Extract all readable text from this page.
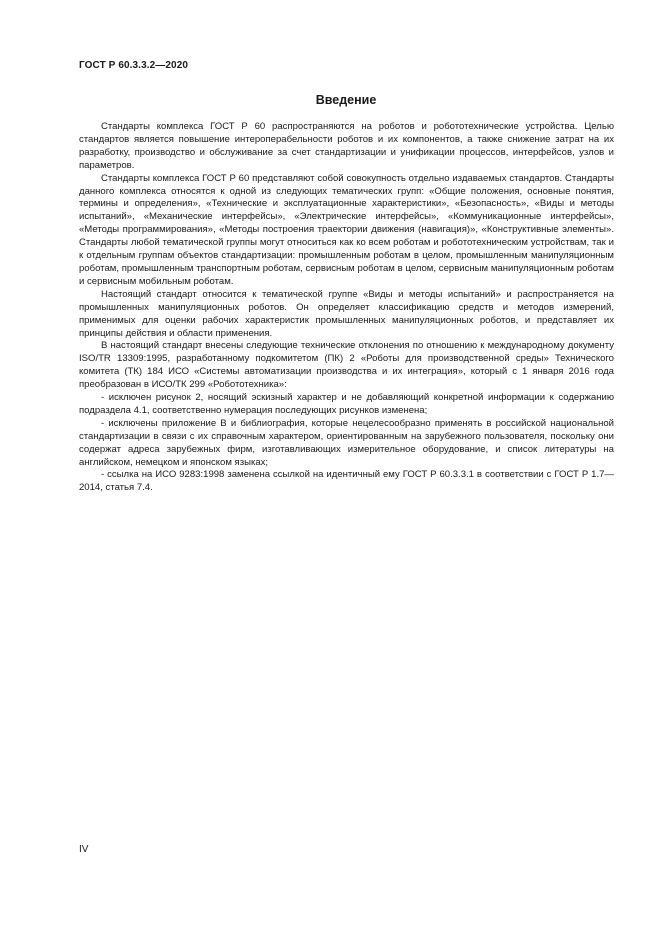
ГОСТ Р 60.3.3.2—2020
Введение

Стандарты комплекса ГОСТ Р 60 распространяются на роботов и робототехнические устройства. Целью стандартов является повышение интероперабельности роботов и их компонентов, а также снижение затрат на их разработку, производство и обслуживание за счет стандартизации и унификации процессов, интерфейсов, узлов и параметров.

Стандарты комплекса ГОСТ Р 60 представляют собой совокупность отдельно издаваемых стандартов. Стандарты данного комплекса относятся к одной из следующих тематических групп: «Общие положения, основные понятия, термины и определения», «Технические и эксплуатационные характеристики», «Безопасность», «Виды и методы испытаний», «Механические интерфейсы», «Электрические интерфейсы», «Коммуникационные интерфейсы», «Методы программирования», «Методы построения траектории движения (навигация)», «Конструктивные элементы». Стандарты любой тематической группы могут относиться как ко всем роботам и робототехническим устройствам, так и к отдельным группам объектов стандартизации: промышленным роботам в целом, промышленным манипуляционным роботам, промышленным транспортным роботам, сервисным роботам в целом, сервисным манипуляционным роботам и сервисным мобильным роботам.

Настоящий стандарт относится к тематической группе «Виды и методы испытаний» и распространяется на промышленных манипуляционных роботов. Он определяет классификацию средств и методов измерений, применимых для оценки рабочих характеристик промышленных манипуляционных роботов, и представляет их принципы действия и области применения.

В настоящий стандарт внесены следующие технические отклонения по отношению к международному документу ISO/TR 13309:1995, разработанному подкомитетом (ПК) 2 «Роботы для производственной среды» Технического комитета (ТК) 184 ИСО «Системы автоматизации производства и их интеграция», который с 1 января 2016 года преобразован в ИСО/ТК 299 «Робототехника»:

- исключен рисунок 2, носящий эскизный характер и не добавляющий конкретной информации к содержанию подраздела 4.1, соответственно нумерация последующих рисунков изменена;

- исключены приложение В и библиография, которые нецелесообразно применять в российской национальной стандартизации в связи с их справочным характером, ориентированным на зарубежного пользователя, поскольку они содержат адреса зарубежных фирм, изготавливающих измерительное оборудование, и список литературы на английском, немецком и японском языках;

- ссылка на ИСО 9283:1998 заменена ссылкой на идентичный ему ГОСТ Р 60.3.3.1 в соответствии с ГОСТ Р 1.7—2014, статья 7.4.

IV
